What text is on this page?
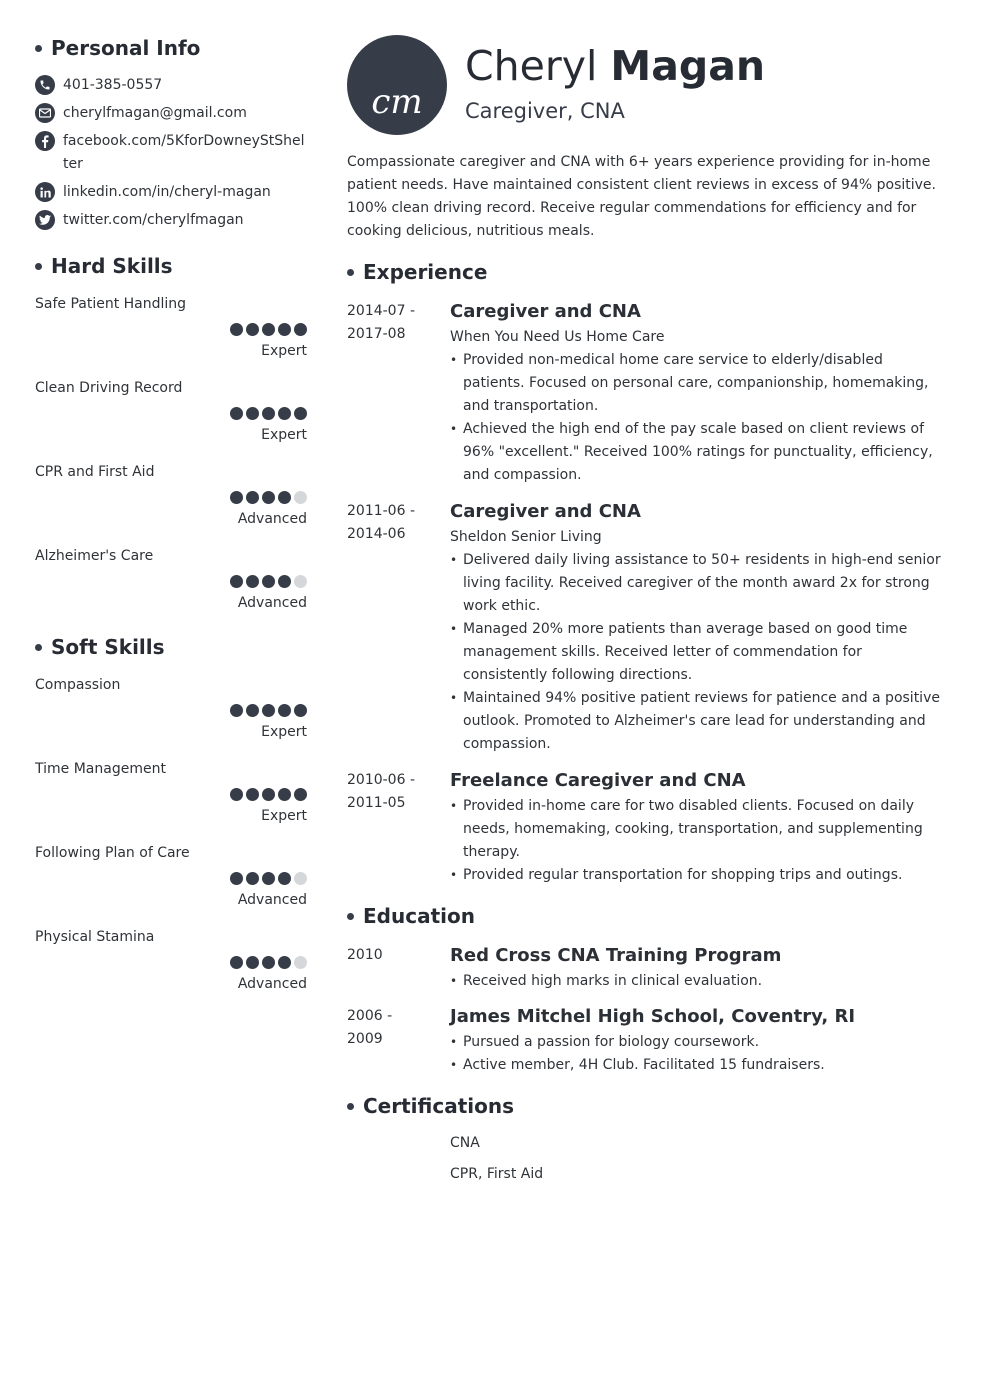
Personal Info
401-385-0557
cherylfmagan@gmail.com
facebook.com/5KforDowneyStShelter
linkedin.com/in/cheryl-magan
twitter.com/cherylfmagan
Hard Skills
Safe Patient Handling
Expert
Clean Driving Record
Expert
CPR and First Aid
Advanced
Alzheimer's Care
Advanced
Soft Skills
Compassion
Expert
Time Management
Expert
Following Plan of Care
Advanced
Physical Stamina
Advanced
cm
Cheryl Magan
Caregiver, CNA
Compassionate caregiver and CNA with 6+ years experience providing for in-home patient needs. Have maintained consistent client reviews in excess of 94% positive. 100% clean driving record. Receive regular commendations for efficiency and for cooking delicious, nutritious meals.
Experience
2014-07 -
2017-08
Caregiver and CNA
When You Need Us Home Care
• Provided non-medical home care service to elderly/disabled patients. Focused on personal care, companionship, homemaking, and transportation.
• Achieved the high end of the pay scale based on client reviews of 96% "excellent." Received 100% ratings for punctuality, efficiency, and compassion.
2011-06 -
2014-06
Caregiver and CNA
Sheldon Senior Living
• Delivered daily living assistance to 50+ residents in high-end senior living facility. Received caregiver of the month award 2x for strong work ethic.
• Managed 20% more patients than average based on good time management skills. Received letter of commendation for consistently following directions.
• Maintained 94% positive patient reviews for patience and a positive outlook. Promoted to Alzheimer's care lead for understanding and compassion.
2010-06 -
2011-05
Freelance Caregiver and CNA
• Provided in-home care for two disabled clients. Focused on daily needs, homemaking, cooking, transportation, and supplementing therapy.
• Provided regular transportation for shopping trips and outings.
Education
2010	Red Cross CNA Training Program
• Received high marks in clinical evaluation.
2006 -
2009
James Mitchel High School, Coventry, RI
• Pursued a passion for biology coursework.
• Active member, 4H Club. Facilitated 15 fundraisers.
Certifications
CNA
CPR, First Aid
